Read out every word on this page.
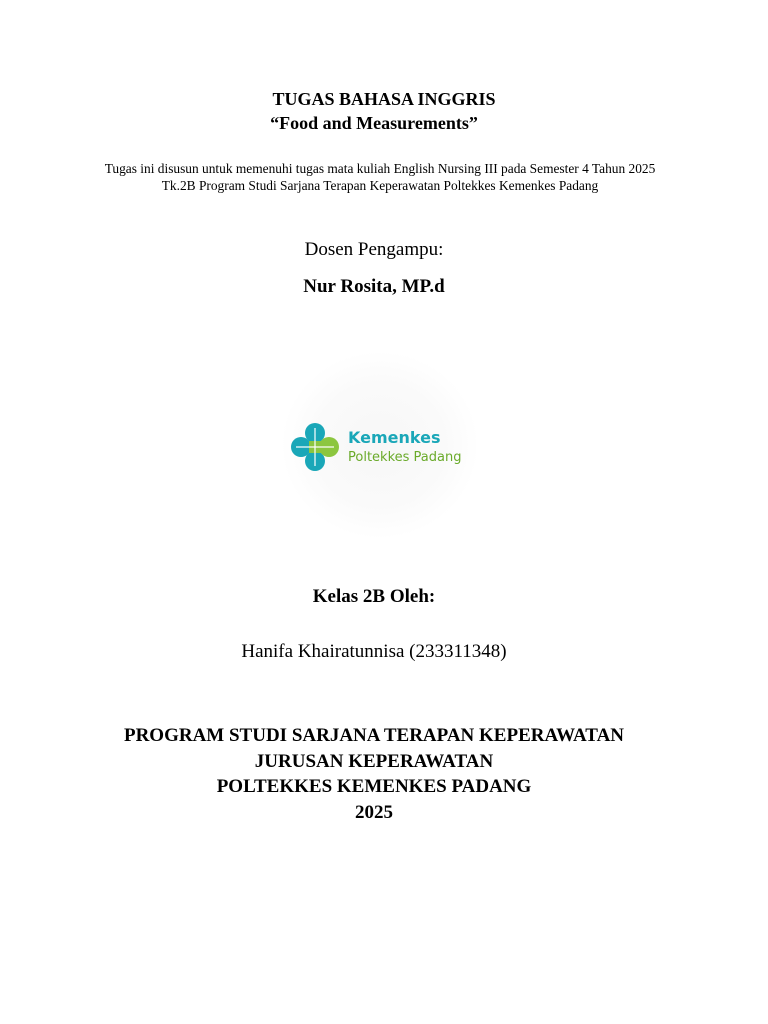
TUGAS BAHASA INGGRIS
“Food and Measurements”
Tugas ini disusun untuk memenuhi tugas mata kuliah English Nursing III pada Semester 4 Tahun 2025 Tk.2B Program Studi Sarjana Terapan Keperawatan Poltekkes Kemenkes Padang
Dosen Pengampu:
Nur Rosita, MP.d
Kemenkes
Poltekkes Padang
Kelas 2B Oleh:
Hanifa Khairatunnisa (233311348)
PROGRAM STUDI SARJANA TERAPAN KEPERAWATAN
JURUSAN KEPERAWATAN
POLTEKKES KEMENKES PADANG
2025
